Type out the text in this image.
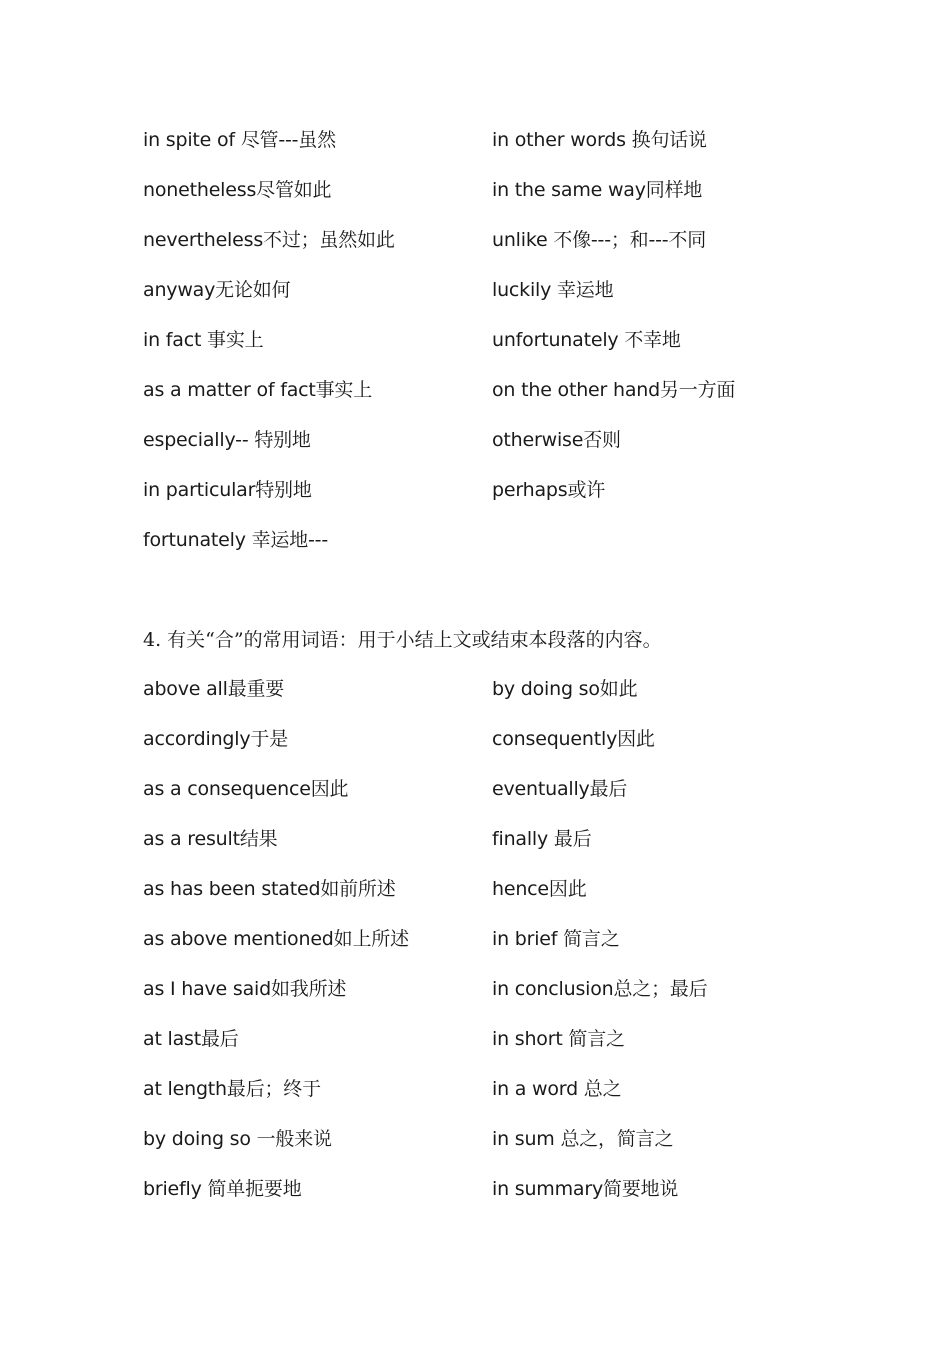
in spite of 尽管---虽然	in other words 换句话说
nonetheless尽管如此	in the same way同样地
nevertheless不过；虽然如此	unlike 不像---；和---不同
anyway无论如何	luckily 幸运地
in fact 事实上	unfortunately 不幸地
as a matter of fact事实上	on the other hand另一方面
especially-- 特别地	otherwise否则
in particular特别地	perhaps或许
fortunately 幸运地---
4. 有关“合”的常用词语：用于小结上文或结束本段落的内容。
above all最重要	by doing so如此
accordingly于是	consequently因此
as a consequence因此	eventually最后
as a result结果	finally 最后
as has been stated如前所述	hence因此
as above mentioned如上所述	in brief 简言之
as I have said如我所述	in conclusion总之；最后
at last最后	in short 简言之
at length最后；终于	in a word 总之
by doing so 一般来说	in sum 总之，简言之
briefly 简单扼要地	in summary简要地说
